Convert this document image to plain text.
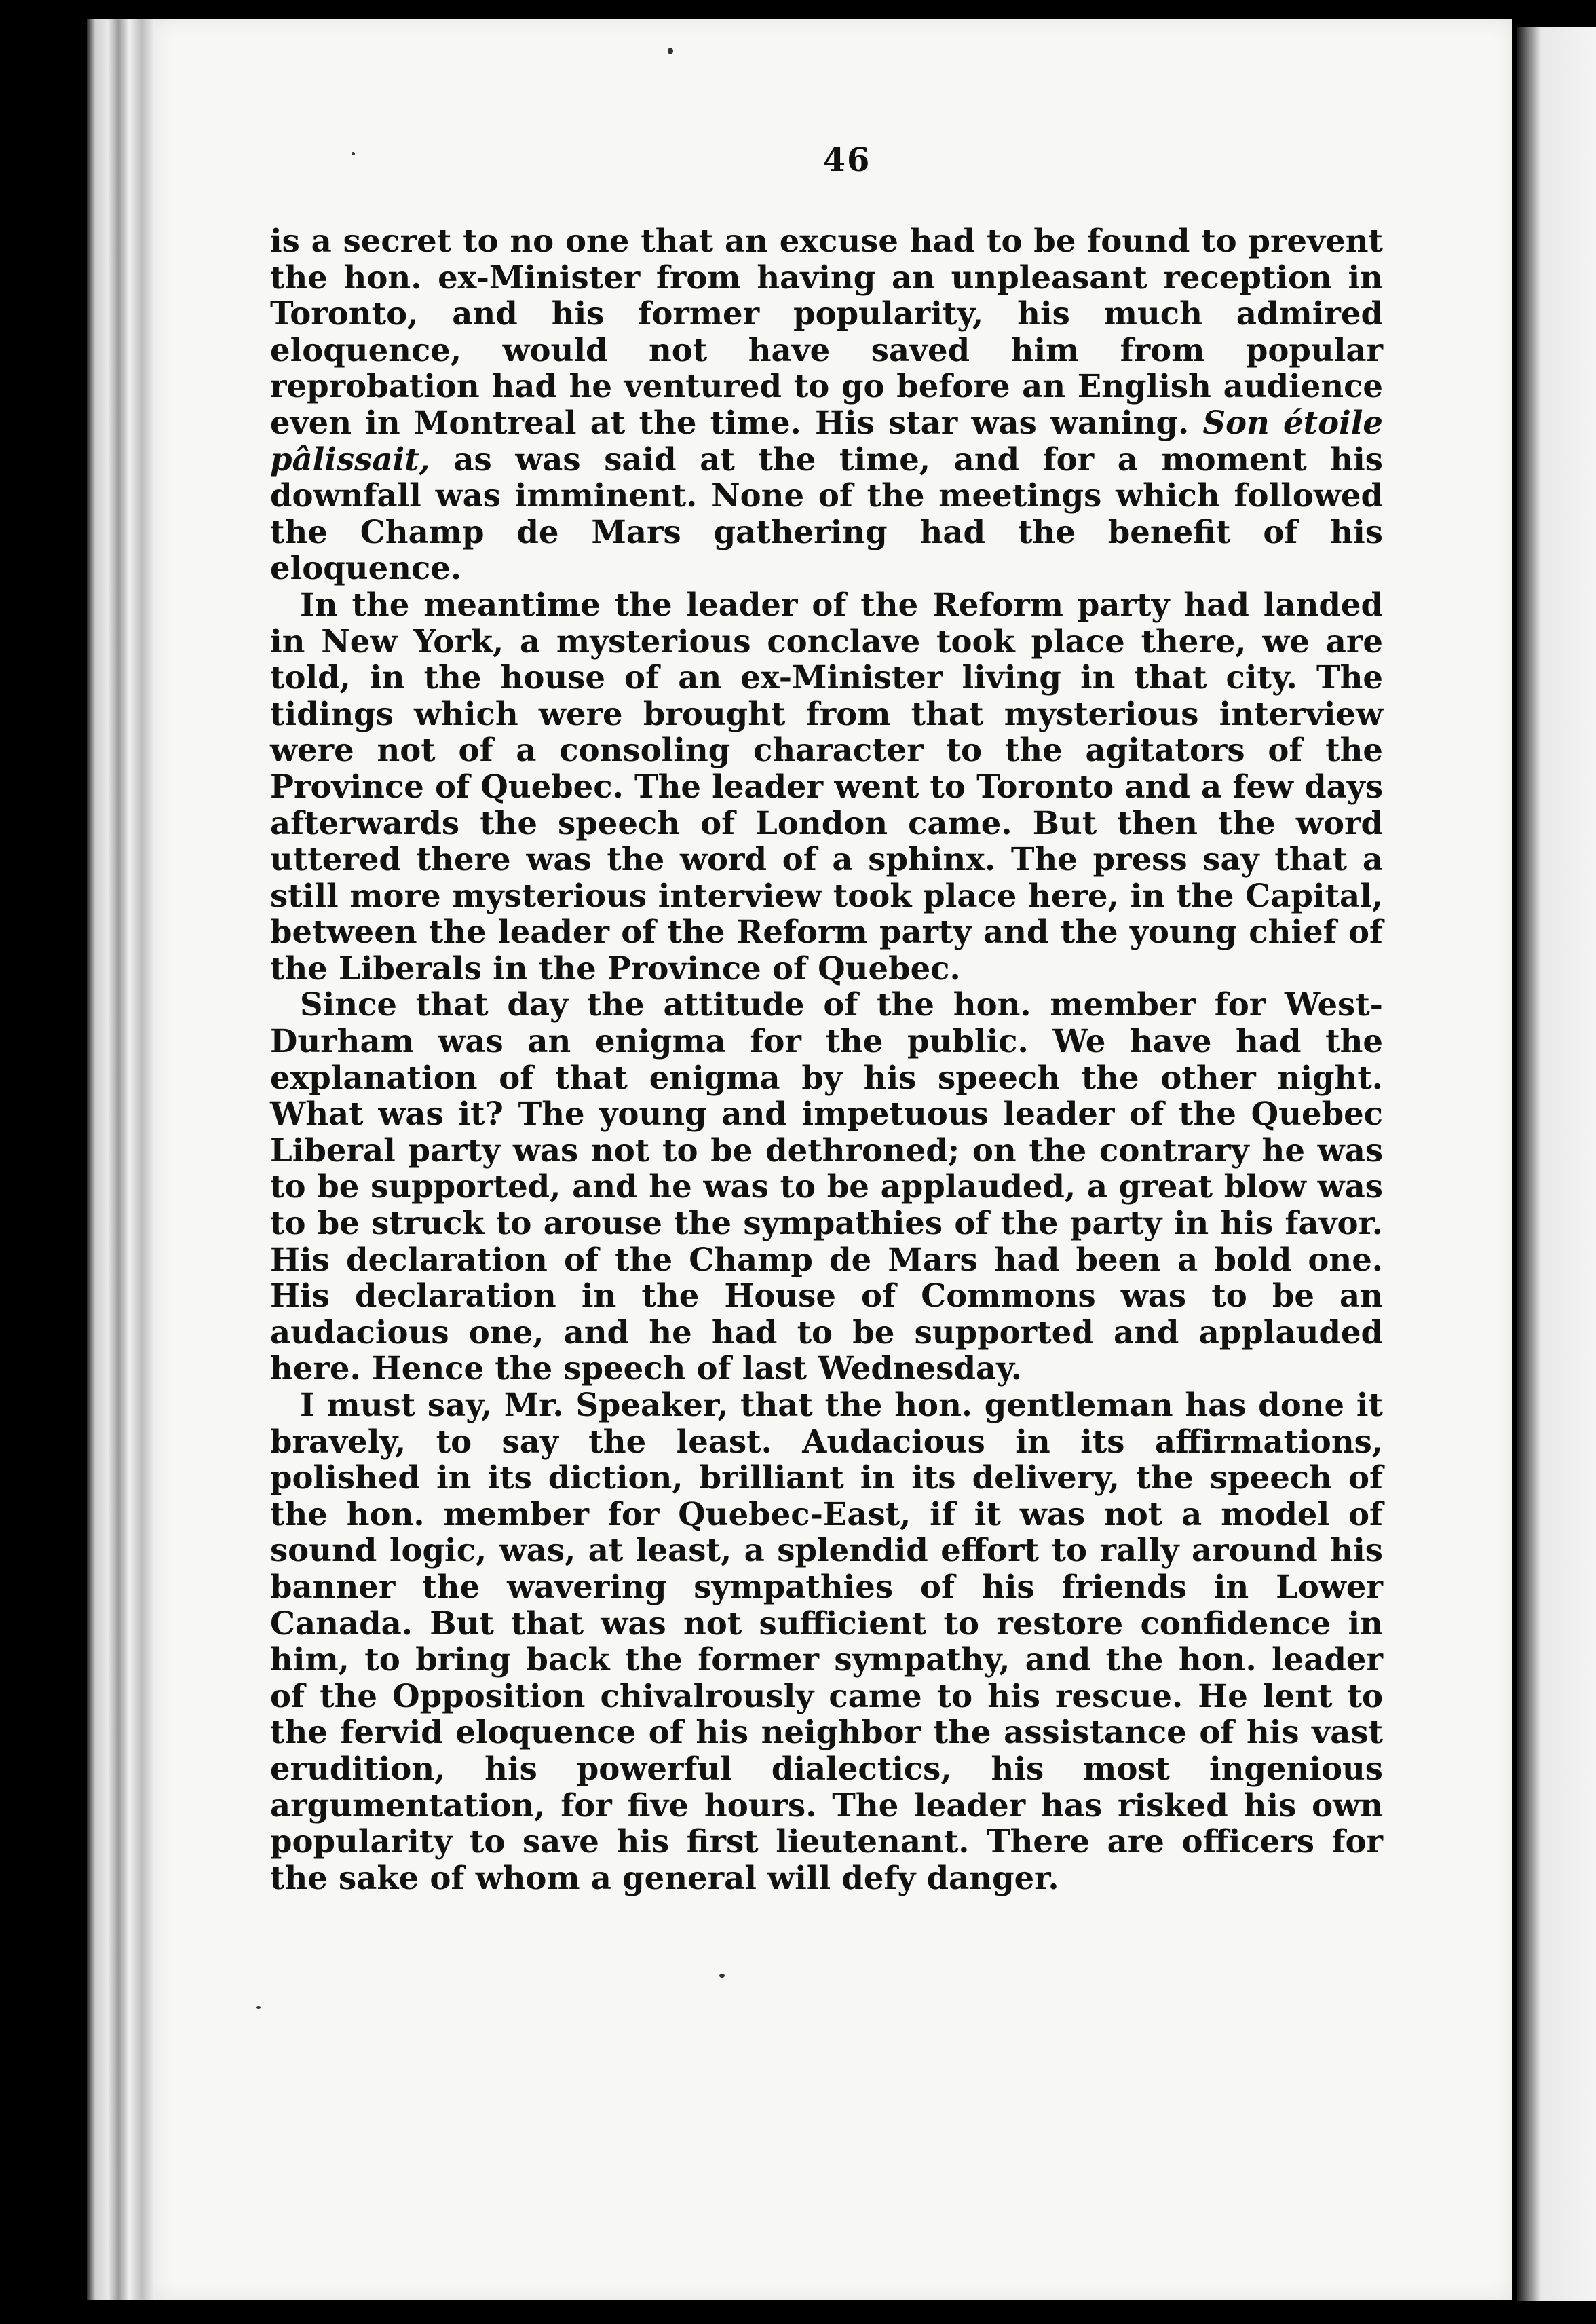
46

is a secret to no one that an excuse had to be found to prevent the hon. ex-Minister from having an unpleasant reception in Toronto, and his former popularity, his much admired eloquence, would not have saved him from popular reprobation had he ventured to go before an English audience even in Montreal at the time. His star was waning. Son étoile pâlissait, as was said at the time, and for a moment his downfall was imminent. None of the meetings which followed the Champ de Mars gathering had the benefit of his eloquence.

In the meantime the leader of the Reform party had landed in New York, a mysterious conclave took place there, we are told, in the house of an ex-Minister living in that city. The tidings which were brought from that mysterious interview were not of a consoling character to the agitators of the Province of Quebec. The leader went to Toronto and a few days afterwards the speech of London came. But then the word uttered there was the word of a sphinx. The press say that a still more mysterious interview took place here, in the Capital, between the leader of the Reform party and the young chief of the Liberals in the Province of Quebec.

Since that day the attitude of the hon. member for West-Durham was an enigma for the public. We have had the explanation of that enigma by his speech the other night. What was it? The young and impetuous leader of the Quebec Liberal party was not to be dethroned; on the contrary he was to be supported, and he was to be applauded, a great blow was to be struck to arouse the sympathies of the party in his favor. His declaration of the Champ de Mars had been a bold one. His declaration in the House of Commons was to be an audacious one, and he had to be supported and applauded here. Hence the speech of last Wednesday.

I must say, Mr. Speaker, that the hon. gentleman has done it bravely, to say the least. Audacious in its affirmations, polished in its diction, brilliant in its delivery, the speech of the hon. member for Quebec-East, if it was not a model of sound logic, was, at least, a splendid effort to rally around his banner the wavering sympathies of his friends in Lower Canada. But that was not sufficient to restore confidence in him, to bring back the former sympathy, and the hon. leader of the Opposition chivalrously came to his rescue. He lent to the fervid eloquence of his neighbor the assistance of his vast erudition, his powerful dialectics, his most ingenious argumentation, for five hours. The leader has risked his own popularity to save his first lieutenant. There are officers for the sake of whom a general will defy danger.
